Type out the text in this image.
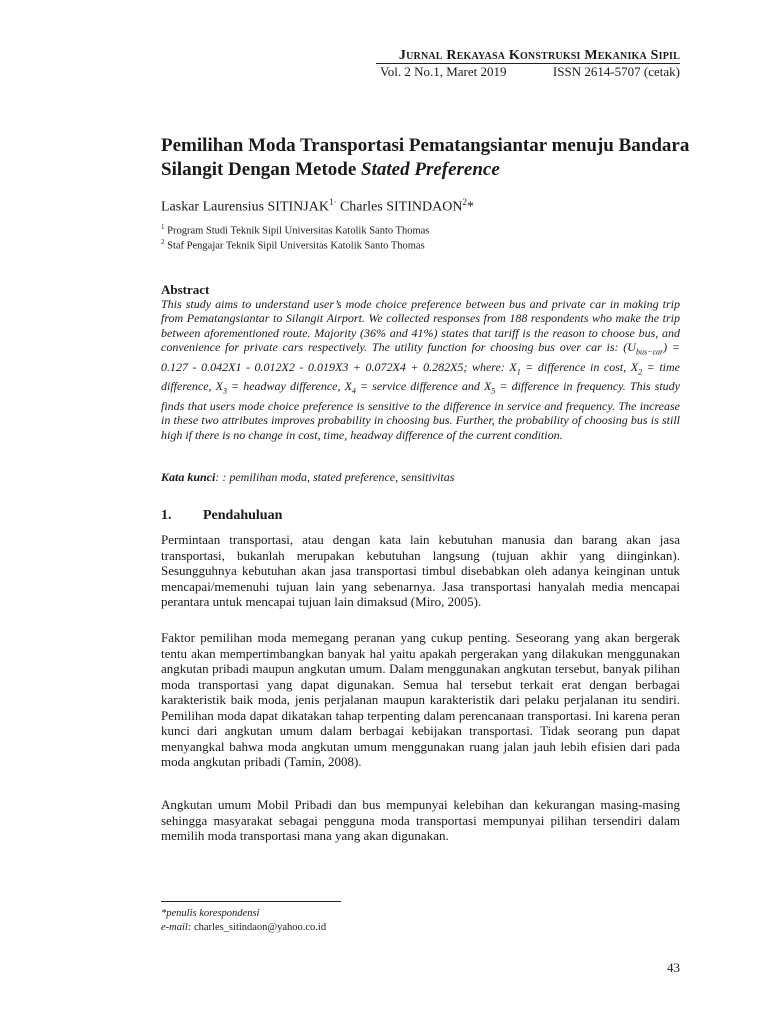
Jurnal Rekayasa Konstruksi Mekanika Sipil
Vol. 2 No.1, Maret 2019	ISSN 2614-5707 (cetak)
Pemilihan Moda Transportasi Pematangsiantar menuju Bandara Silangit Dengan Metode Stated Preference
Laskar Laurensius $SITINJAK^{1\cdot}$ Charles SITINDAON$^2$*
$^1$ Program Studi Teknik Sipil Universitas Katolik Santo Thomas
$^2$ Staf Pengajar Teknik Sipil Universitas Katolik Santo Thomas
Abstract
This study aims to understand user’s mode choice preference between bus and private car in making trip from Pematangsiantar to Silangit Airport. We collected responses from 188 respondents who make the trip between aforementioned route. Majority (36% and 41%) states that tariff is the reason to choose bus, and convenience for private cars respectively. The utility function for choosing bus over car is: $(U_{bus-car}) = 0.127 - 0.042X1 - 0.012X2 - 0.019X3 + 0.072X4 + 0.282X5$; where: $X_1$ = difference in cost, $X_2$ = time difference, $X_3$ = headway difference, $X_4$ = service difference and $X_5$ = difference in frequency. This study finds that users mode choice preference is sensitive to the difference in service and frequency. The increase in these two attributes improves probability in choosing bus. Further, the probability of choosing bus is still high if there is no change in cost, time, headway difference of the current condition.
Kata kunci: : pemilihan moda, stated preference, sensitivitas
1. Pendahuluan

Permintaan transportasi, atau dengan kata lain kebutuhan manusia dan barang akan jasa transportasi, bukanlah merupakan kebutuhan langsung (tujuan akhir yang diinginkan). Sesungguhnya kebutuhan akan jasa transportasi timbul disebabkan oleh adanya keinginan untuk mencapai/memenuhi tujuan lain yang sebenarnya. Jasa transportasi hanyalah media mencapai perantara untuk mencapai tujuan lain dimaksud (Miro, 2005).

Faktor pemilihan moda memegang peranan yang cukup penting. Seseorang yang akan bergerak tentu akan mempertimbangkan banyak hal yaitu apakah pergerakan yang dilakukan menggunakan angkutan pribadi maupun angkutan umum. Dalam menggunakan angkutan tersebut, banyak pilihan moda transportasi yang dapat digunakan. Semua hal tersebut terkait erat dengan berbagai karakteristik baik moda, jenis perjalanan maupun karakteristik dari pelaku perjalanan itu sendiri. Pemilihan moda dapat dikatakan tahap terpenting dalam perencanaan transportasi. Ini karena peran kunci dari angkutan umum dalam berbagai kebijakan transportasi. Tidak seorang pun dapat menyangkal bahwa moda angkutan umum menggunakan ruang jalan jauh lebih efisien dari pada moda angkutan pribadi (Tamin, 2008).

Angkutan umum Mobil Pribadi dan bus mempunyai kelebihan dan kekurangan masing-masing sehingga masyarakat sebagai pengguna moda transportasi mempunyai pilihan tersendiri dalam memilih moda transportasi mana yang akan digunakan.

*penulis korespondensi
e-mail: charles_sitindaon@yahoo.co.id
43
